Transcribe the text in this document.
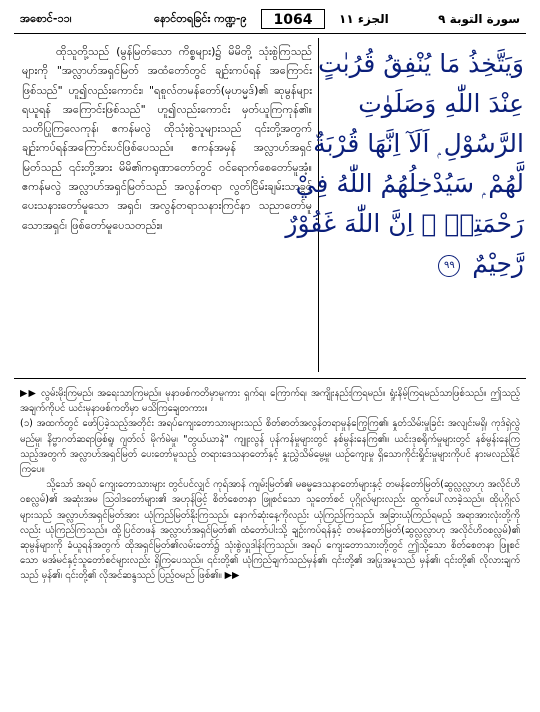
အစောင်-၁၁၊	နောင်တရခြင်း ကဏ္ဍ-၉	1064	الجزء ١١	سورة التوبة ٩

ထိုသူတို့သည် (မွန်မြတ်သော ကိစ္စများ)၌ မိမိတို့ သုံးစွဲကြသည်များကို "အလ္လာဟ်အရှင်မြတ် အထံတော်တွင် ချဉ်းကပ်ရန် အကြောင်းဖြစ်သည်" ဟူ၍လည်းကောင်း၊ "ရစူလ်တမန်တော်(မုဟမ္မဒ်)၏ ဆုမွန်များရယူရန် အကြောင်းဖြစ်သည်" ဟူ၍လည်းကောင်း မှတ်ယူကြကုန်၏။ သတိပြုကြလေကုန်၊ ဧကန်မလွဲ ထိုသုံးစွဲသူများသည် ၎င်းတို့အတွက် ချဉ်းကပ်ရန်အကြောင်းပင်ဖြစ်ပေသည်။ ဧကန်အမှန် အလ္လာဟ်အရှင်မြတ်သည် ၎င်းတို့အား မိမိ၏ကရုဏာတော်တွင် ဝင်ရောက်စေတော်မူအံ့။ ဧကန်မလွဲ အလ္လာဟ်အရှင်မြတ်သည် အလွန်တရာ လွတ်ငြိမ်းချမ်းသာခွင့်ပေးသနားတော်မူသော အရှင်၊ အလွန်တရာသနားကြင်နာ သညာတော်မူသောအရှင်၊ ဖြစ်တော်မူပေသတည်း။

وَيَتَّخِذُ مَا يُنْفِقُ قُرُبٰتٍ
عِنْدَ اللّٰهِ وَصَلَوٰتِ
الرَّسُوْلِ ۭ اَلَآ اِنَّهَا قُرْبَةٌ
لَّهُمْ ۭ سَيُدْخِلُهُمُ اللّٰهُ فِيْ
رَحْمَتِهٖ ۭ اِنَّ اللّٰهَ غَفُوْرٌ
رَّحِيْمٌ ٩٩

▶▶ လွမ်းမိုးကြမည်၊ အရေးသာကြမည်။ မုနာဖစ်ကတိမှာမူကား ရှက်ရ၊ ကြောက်ရ၊ အကျိုးနည်းကြရမည်။ ရှုံးနိမ့်ကြရမည်သာဖြစ်သည်။ ဤသည့်အချက်ကိုပင် ယင်းမုနာဖစ်ကတိမှာ မသိကြချေတကား။

(၁) အထက်တွင် ဖော်ပြခဲ့သည့်အတိုင်း အရပ်ကျေးတောသားများသည် စိတ်ဓာတ်အလွန်တရာမှုန်ကြွေကြ၏၊ နှုတ်သိမ်းမှုခြင်း အလျင်းမရှိ၊ ကုဒ်ရှဲလွဲမည်မူ၊ နိဗ္ဗာဂတ်ဆရာဖြစ်ရူ၊ ဂျတ်လ် မိုက်မဲမှု၊ "တွယ်ယာနဲ" ကျူးလွန် ပုန်ကန်မှုများတွင် နစ်မွန်းနေကြ၏။ ယင်းဒုစရိုက်မှုများတွင် နစ်မွန်းနေကြသည့်အတွက် အလ္လာဟ်အရှင်မြတ် ပေးတော်မူသည့် တရားဒေသနာတော်နှင့် နှုးညွှဲသိမ်မွေ့မှု၊ ယဉ်ကျေးမှု ရှိသောကိုင်းရှိုင်းမှုများကိုပင် နားမလည်နိုင်ကြပေ။

သို့သော် အရပ် ကျေးတောသားများ တွင်ပင်လျှင် ကုရ်အာန် ကျမ်းမြတ်၏ မဓမ္မဒေသနာတော်များနှင့် တမန်တော်မြတ်(ဆွလ္လလ္လာဟု အလိုင်ဟိဝစလ္လမ်)၏ အဆုံးအမ သြဝါဒတော်များ၏ အဟုန်ဖြင့် စိတ်စေတနာ ဖြူစင်သော သူတော်စင် ပုဂ္ဂိုလ်များလည်း ထွက်ပေါ်လာခဲ့သည်။ ထိုပုဂ္ဂိုလ်များသည် အလ္လာဟ်အရှင်မြတ်အား ယုံကြည်မြတ်နိုးကြသည်၊ နောက်ဆုံးနေ့ကိုလည်း ယုံကြည်ကြသည်၊ အခြားယုံကြည်ရမည့် အရာအားလုံးတို့ကိုလည်း ယုံကြည်ကြသည်။ ထို့ပြင်တဖန် အလ္လာဟ်အရှင်မြတ်၏ ထံတော်ပါးသို့ ချဉ်းကပ်ရန်နှင့် တမန်တော်မြတ်(ဆွလ္လလ္လာဟု အလိုင်ဟိဝစလ္လမ်)၏ ဆုမွန်များကို ခံယူရန်အတွက် ထိုအရှင်မြတ်၏လမ်းတော်၌ သုံးစွဲလှူဒါန်းကြသည်။ အရပ် ကျေးတောသားတို့တွင် ဤသို့သော စိတ်စေတနာ ဖြူစင်သော မအ်မင်နှင့်သူတော်စင်များလည်း ရှိကြပေသည်။ ၎င်းတို့၏ ယုံကြည်ချက်သည်မှန်၏၊ ၎င်းတို့၏ အပြုအမူသည် မှန်၏၊ ၎င်းတို့၏ လိုလားချက်သည် မှန်၏၊ ၎င်းတို့၏ လိုအင်ဆန္ဒသည် ပြည့်ဝမည် ဖြစ်၏။ ▶▶
